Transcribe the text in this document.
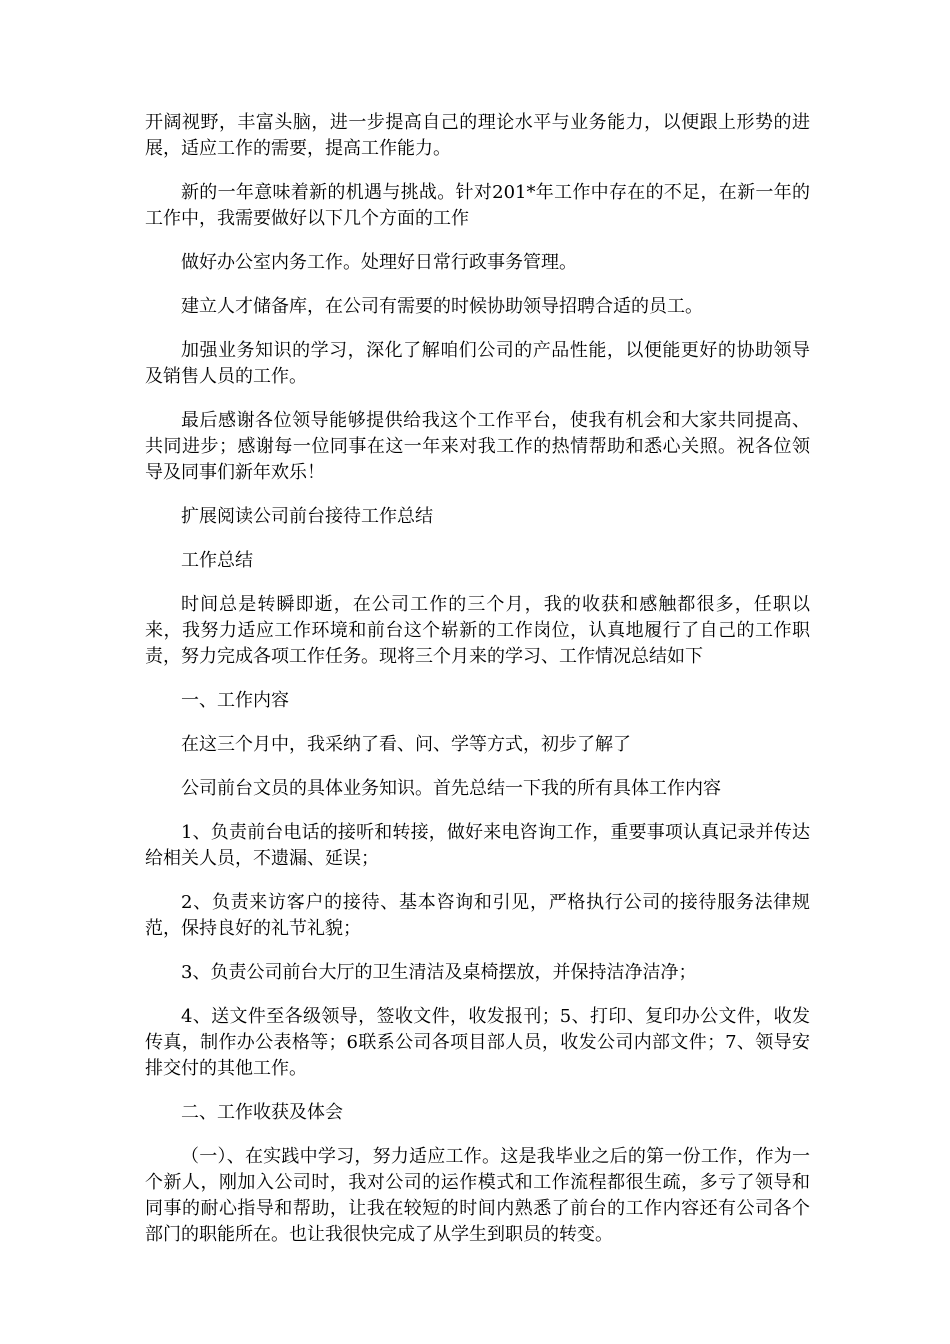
开阔视野，丰富头脑，进一步提高自己的理论水平与业务能力，以便跟上形势的进展，适应工作的需要，提高工作能力。

新的一年意味着新的机遇与挑战。针对201*年工作中存在的不足，在新一年的工作中，我需要做好以下几个方面的工作

做好办公室内务工作。处理好日常行政事务管理。

建立人才储备库，在公司有需要的时候协助领导招聘合适的员工。

加强业务知识的学习，深化了解咱们公司的产品性能，以便能更好的协助领导及销售人员的工作。

最后感谢各位领导能够提供给我这个工作平台，使我有机会和大家共同提高、共同进步；感谢每一位同事在这一年来对我工作的热情帮助和悉心关照。祝各位领导及同事们新年欢乐！

扩展阅读公司前台接待工作总结

工作总结

时间总是转瞬即逝，在公司工作的三个月，我的收获和感触都很多，任职以来，我努力适应工作环境和前台这个崭新的工作岗位，认真地履行了自己的工作职责，努力完成各项工作任务。现将三个月来的学习、工作情况总结如下

一、工作内容

在这三个月中，我采纳了看、问、学等方式，初步了解了

公司前台文员的具体业务知识。首先总结一下我的所有具体工作内容

1、负责前台电话的接听和转接，做好来电咨询工作，重要事项认真记录并传达给相关人员，不遗漏、延误；

2、负责来访客户的接待、基本咨询和引见，严格执行公司的接待服务法律规范，保持良好的礼节礼貌；

3、负责公司前台大厅的卫生清洁及桌椅摆放，并保持洁净洁净；

4、送文件至各级领导，签收文件，收发报刊；5、打印、复印办公文件，收发传真，制作办公表格等；6联系公司各项目部人员，收发公司内部文件；7、领导安排交付的其他工作。

二、工作收获及体会

（一）、在实践中学习，努力适应工作。这是我毕业之后的第一份工作，作为一个新人，刚加入公司时，我对公司的运作模式和工作流程都很生疏，多亏了领导和同事的耐心指导和帮助，让我在较短的时间内熟悉了前台的工作内容还有公司各个部门的职能所在。也让我很快完成了从学生到职员的转变。
